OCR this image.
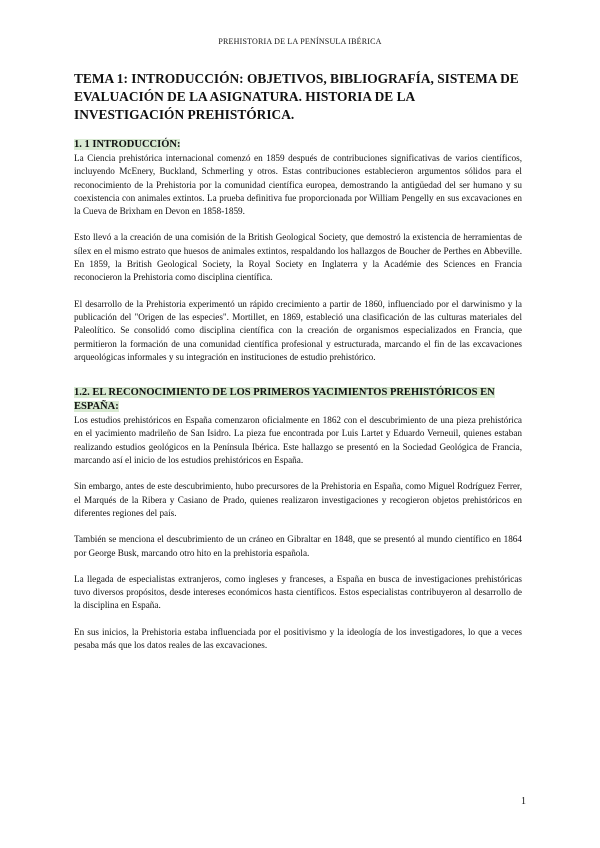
PREHISTORIA DE LA PENÍNSULA IBÉRICA
TEMA 1: INTRODUCCIÓN: OBJETIVOS, BIBLIOGRAFÍA, SISTEMA DE EVALUACIÓN DE LA ASIGNATURA. HISTORIA DE LA INVESTIGACIÓN PREHISTÓRICA.
1. 1 INTRODUCCIÓN:

La Ciencia prehistórica internacional comenzó en 1859 después de contribuciones significativas de varios científicos, incluyendo McEnery, Buckland, Schmerling y otros. Estas contribuciones establecieron argumentos sólidos para el reconocimiento de la Prehistoria por la comunidad científica europea, demostrando la antigüedad del ser humano y su coexistencia con animales extintos. La prueba definitiva fue proporcionada por William Pengelly en sus excavaciones en la Cueva de Brixham en Devon en 1858-1859.

Esto llevó a la creación de una comisión de la British Geological Society, que demostró la existencia de herramientas de sílex en el mismo estrato que huesos de animales extintos, respaldando los hallazgos de Boucher de Perthes en Abbeville. En 1859, la British Geological Society, la Royal Society en Inglaterra y la Académie des Sciences en Francia reconocieron la Prehistoria como disciplina científica.

El desarrollo de la Prehistoria experimentó un rápido crecimiento a partir de 1860, influenciado por el darwinismo y la publicación del "Origen de las especies". Mortillet, en 1869, estableció una clasificación de las culturas materiales del Paleolítico. Se consolidó como disciplina científica con la creación de organismos especializados en Francia, que permitieron la formación de una comunidad científica profesional y estructurada, marcando el fin de las excavaciones arqueológicas informales y su integración en instituciones de estudio prehistórico.

1.2. EL RECONOCIMIENTO DE LOS PRIMEROS YACIMIENTOS PREHISTÓRICOS EN ESPAÑA:

Los estudios prehistóricos en España comenzaron oficialmente en 1862 con el descubrimiento de una pieza prehistórica en el yacimiento madrileño de San Isidro. La pieza fue encontrada por Luis Lartet y Eduardo Verneuil, quienes estaban realizando estudios geológicos en la Península Ibérica. Este hallazgo se presentó en la Sociedad Geológica de Francia, marcando así el inicio de los estudios prehistóricos en España.

Sin embargo, antes de este descubrimiento, hubo precursores de la Prehistoria en España, como Miguel Rodríguez Ferrer, el Marqués de la Ribera y Casiano de Prado, quienes realizaron investigaciones y recogieron objetos prehistóricos en diferentes regiones del país.

También se menciona el descubrimiento de un cráneo en Gibraltar en 1848, que se presentó al mundo científico en 1864 por George Busk, marcando otro hito en la prehistoria española.

La llegada de especialistas extranjeros, como ingleses y franceses, a España en busca de investigaciones prehistóricas tuvo diversos propósitos, desde intereses económicos hasta científicos. Estos especialistas contribuyeron al desarrollo de la disciplina en España.

En sus inicios, la Prehistoria estaba influenciada por el positivismo y la ideología de los investigadores, lo que a veces pesaba más que los datos reales de las excavaciones.

1
